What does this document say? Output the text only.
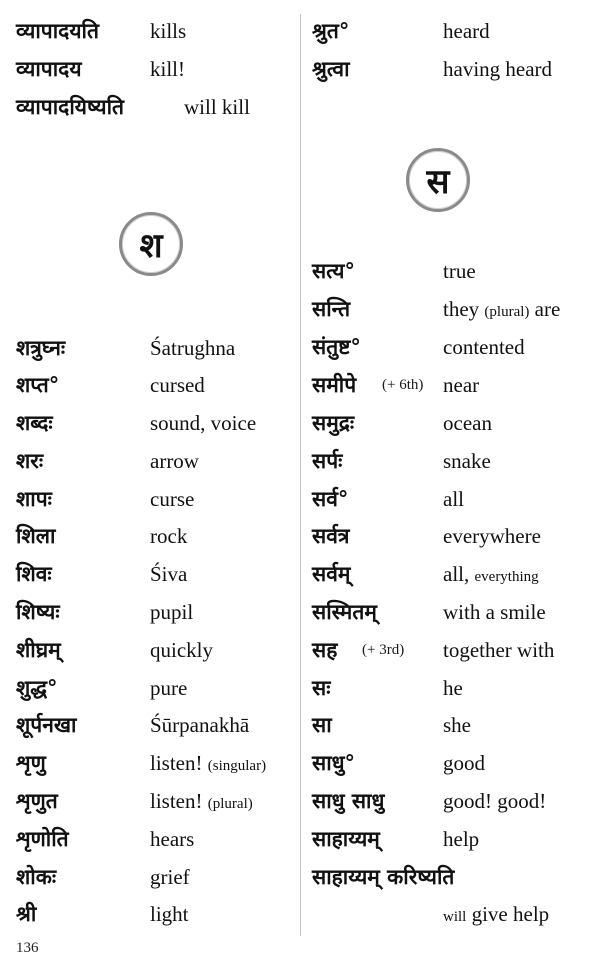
व्यापादयति kills
व्यापादय	kill!
व्यापादयिष्यति	will kill
श
शत्रुघ्नः	Śatrughna
शप्त°	cursed
शब्दः	sound, voice
शरः	arrow
शापः	curse
शिला	rock
शिवः	Śiva
शिष्यः	pupil
शीघ्रम्	quickly
शुद्ध°	pure
शूर्पनखा	Śūrpanakhā
शृणु	listen! (singular)
शृणुत	listen! (plural)
शृणोति	hears
शोकः	grief
श्री	light
श्रुत°	heard
श्रुत्वा	having heard
स
सत्य°	true
सन्ति	they (plural) are
संतुष्ट°	contented
समीपे (+ 6th) near
समुद्रः	ocean
सर्पः	snake
सर्व°	all
सर्वत्र	everywhere
सर्वम्	all, everything
सस्मितम्	with a smile
सह (+ 3rd) together with
सः	he
सा	she
साधु°	good
साधु साधु	good! good!
साहाय्यम्	help
साहाय्यम् करिष्यति
will give help
136
